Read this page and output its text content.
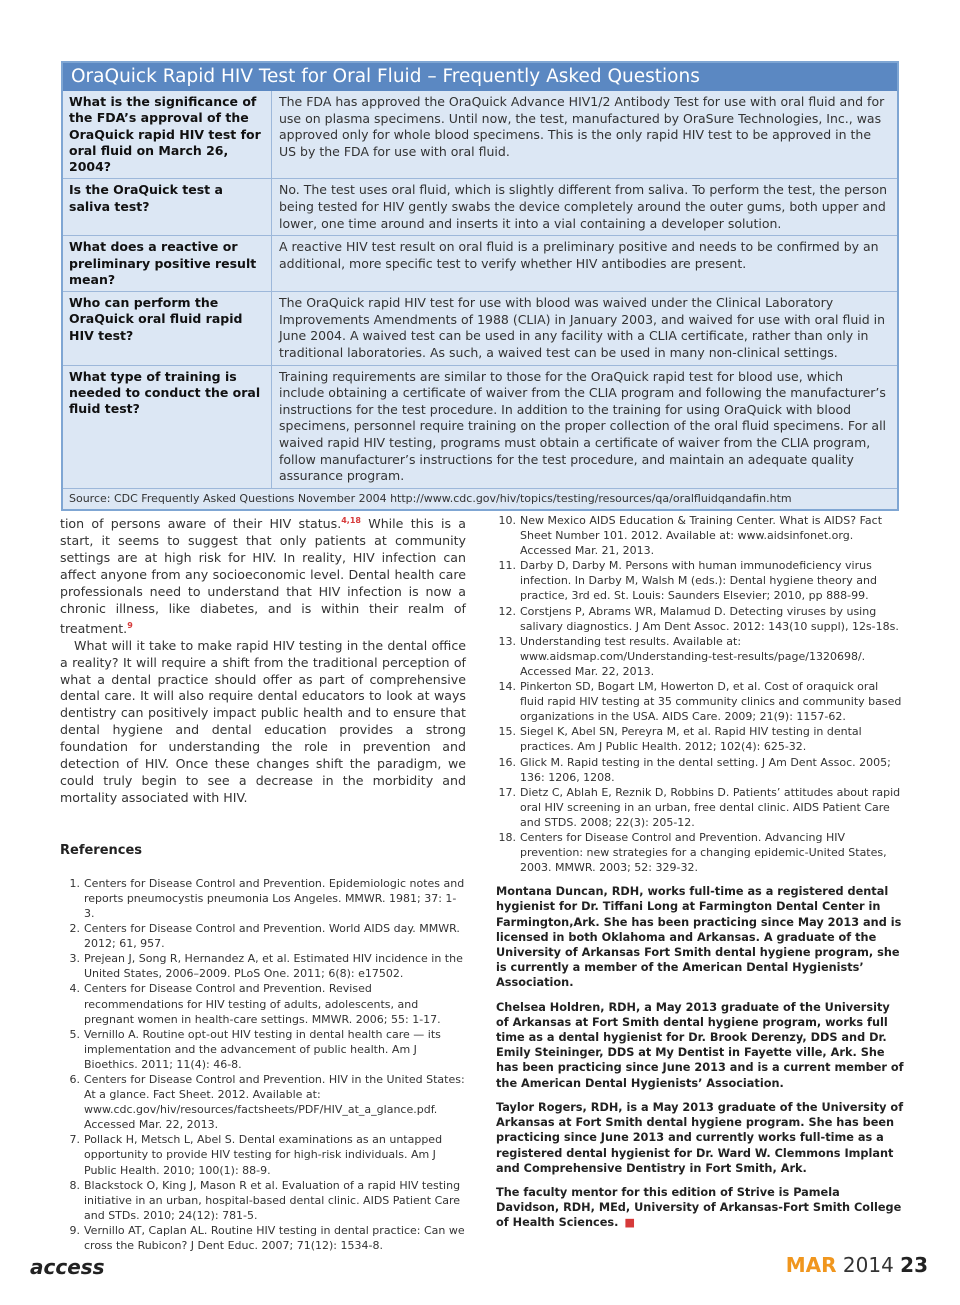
OraQuick Rapid HIV Test for Oral Fluid – Frequently Asked Questions
What is the significance of the FDA’s approval of the OraQuick rapid HIV test for oral fluid on March 26, 2004?
The FDA has approved the OraQuick Advance HIV1/2 Antibody Test for use with oral fluid and for use on plasma specimens. Until now, the test, manufactured by OraSure Technologies, Inc., was approved only for whole blood specimens. This is the only rapid HIV test to be approved in the US by the FDA for use with oral fluid.
Is the OraQuick test a saliva test?
No. The test uses oral fluid, which is slightly different from saliva. To perform the test, the person being tested for HIV gently swabs the device completely around the outer gums, both upper and lower, one time around and inserts it into a vial containing a developer solution.
What does a reactive or preliminary positive result mean?
A reactive HIV test result on oral fluid is a preliminary positive and needs to be confirmed by an additional, more specific test to verify whether HIV antibodies are present.
Who can perform the OraQuick oral fluid rapid HIV test?
The OraQuick rapid HIV test for use with blood was waived under the Clinical Laboratory Improvements Amendments of 1988 (CLIA) in January 2003, and waived for use with oral fluid in June 2004. A waived test can be used in any facility with a CLIA certificate, rather than only in traditional laboratories. As such, a waived test can be used in many non-clinical settings.
What type of training is needed to conduct the oral fluid test?
Training requirements are similar to those for the OraQuick rapid test for blood use, which include obtaining a certificate of waiver from the CLIA program and following the manufacturer’s instructions for the test procedure. In addition to the training for using OraQuick with blood specimens, personnel require training on the proper collection of the oral fluid specimens. For all waived rapid HIV testing, programs must obtain a certificate of waiver from the CLIA program, follow manufacturer’s instructions for the test procedure, and maintain an adequate quality assurance program.
Source: CDC Frequently Asked Questions November 2004 http://www.cdc.gov/hiv/topics/testing/resources/qa/oralfluidqandafin.htm

tion of persons aware of their HIV status.$^{4,18}$ While this is a start, it seems to suggest that only patients at community settings are at high risk for HIV. In reality, HIV infection can affect anyone from any socioeconomic level. Dental health care professionals need to understand that HIV infection is now a chronic illness, like diabetes, and is within their realm of treatment.$^9$

What will it take to make rapid HIV testing in the dental office a reality? It will require a shift from the traditional perception of what a dental practice should offer as part of comprehensive dental care. It will also require dental educators to look at ways dentistry can positively impact public health and to ensure that dental hygiene and dental education provides a strong foundation for understanding the role in prevention and detection of HIV. Once these changes shift the paradigm, we could truly begin to see a decrease in the morbidity and mortality associated with HIV.

References
1. Centers for Disease Control and Prevention. Epidemiologic notes and reports pneumocystis pneumonia Los Angeles. MMWR. 1981; 37: 1-3.
2. Centers for Disease Control and Prevention. World AIDS day. MMWR. 2012; 61, 957.
3. Prejean J, Song R, Hernandez A, et al. Estimated HIV incidence in the United States, 2006–2009. PLoS One. 2011; 6(8): e17502.
4. Centers for Disease Control and Prevention. Revised recommendations for HIV testing of adults, adolescents, and pregnant women in health-care settings. MMWR. 2006; 55: 1-17.
5. Vernillo A. Routine opt-out HIV testing in dental health care — its implementation and the advancement of public health. Am J Bioethics. 2011; 11(4): 46-8.
6. Centers for Disease Control and Prevention. HIV in the United States: At a glance. Fact Sheet. 2012. Available at: www.cdc.gov/hiv/resources/factsheets/PDF/HIV_at_a_glance.pdf. Accessed Mar. 22, 2013.
7. Pollack H, Metsch L, Abel S. Dental examinations as an untapped opportunity to provide HIV testing for high-risk individuals. Am J Public Health. 2010; 100(1): 88-9.
8. Blackstock O, King J, Mason R et al. Evaluation of a rapid HIV testing initiative in an urban, hospital-based dental clinic. AIDS Patient Care and STDs. 2010; 24(12): 781-5.
9. Vernillo AT, Caplan AL. Routine HIV testing in dental practice: Can we cross the Rubicon? J Dent Educ. 2007; 71(12): 1534-8.
10. New Mexico AIDS Education & Training Center. What is AIDS? Fact Sheet Number 101. 2012. Available at: www.aidsinfonet.org. Accessed Mar. 21, 2013.
11. Darby D, Darby M. Persons with human immunodeficiency virus infection. In Darby M, Walsh M (eds.): Dental hygiene theory and practice, 3rd ed. St. Louis: Saunders Elsevier; 2010, pp 888-99.
12. Corstjens P, Abrams WR, Malamud D. Detecting viruses by using salivary diagnostics. J Am Dent Assoc. 2012: 143(10 suppl), 12s-18s.
13. Understanding test results. Available at: www.aidsmap.com/Understanding-test-results/page/1320698/. Accessed Mar. 22, 2013.
14. Pinkerton SD, Bogart LM, Howerton D, et al. Cost of oraquick oral fluid rapid HIV testing at 35 community clinics and community based organizations in the USA. AIDS Care. 2009; 21(9): 1157-62.
15. Siegel K, Abel SN, Pereyra M, et al. Rapid HIV testing in dental practices. Am J Public Health. 2012; 102(4): 625-32.
16. Glick M. Rapid testing in the dental setting. J Am Dent Assoc. 2005; 136: 1206, 1208.
17. Dietz C, Ablah E, Reznik D, Robbins D. Patients’ attitudes about rapid oral HIV screening in an urban, free dental clinic. AIDS Patient Care and STDS. 2008; 22(3): 205-12.
18. Centers for Disease Control and Prevention. Advancing HIV prevention: new strategies for a changing epidemic-United States, 2003. MMWR. 2003; 52: 329-32.

Montana Duncan, RDH, works full-time as a registered dental hygienist for Dr. Tiffani Long at Farmington Dental Center in Farmington,Ark. She has been practicing since May 2013 and is licensed in both Oklahoma and Arkansas. A graduate of the University of Arkansas Fort Smith dental hygiene program, she is currently a member of the American Dental Hygienists’ Association.

Chelsea Holdren, RDH, a May 2013 graduate of the University of Arkansas at Fort Smith dental hygiene program, works full time as a dental hygienist for Dr. Brook Derenzy, DDS and Dr. Emily Steininger, DDS at My Dentist in Fayette ville, Ark. She has been practicing since June 2013 and is a current member of the American Dental Hygienists’ Association.

Taylor Rogers, RDH, is a May 2013 graduate of the University of Arkansas at Fort Smith dental hygiene program. She has been practicing since June 2013 and currently works full-time as a registered dental hygienist for Dr. Ward W. Clemmons Implant and Comprehensive Dentistry in Fort Smith, Ark.

The faculty mentor for this edition of Strive is Pamela Davidson, RDH, MEd, University of Arkansas-Fort Smith College of Health Sciences. ■

access	MAR 2014 23
